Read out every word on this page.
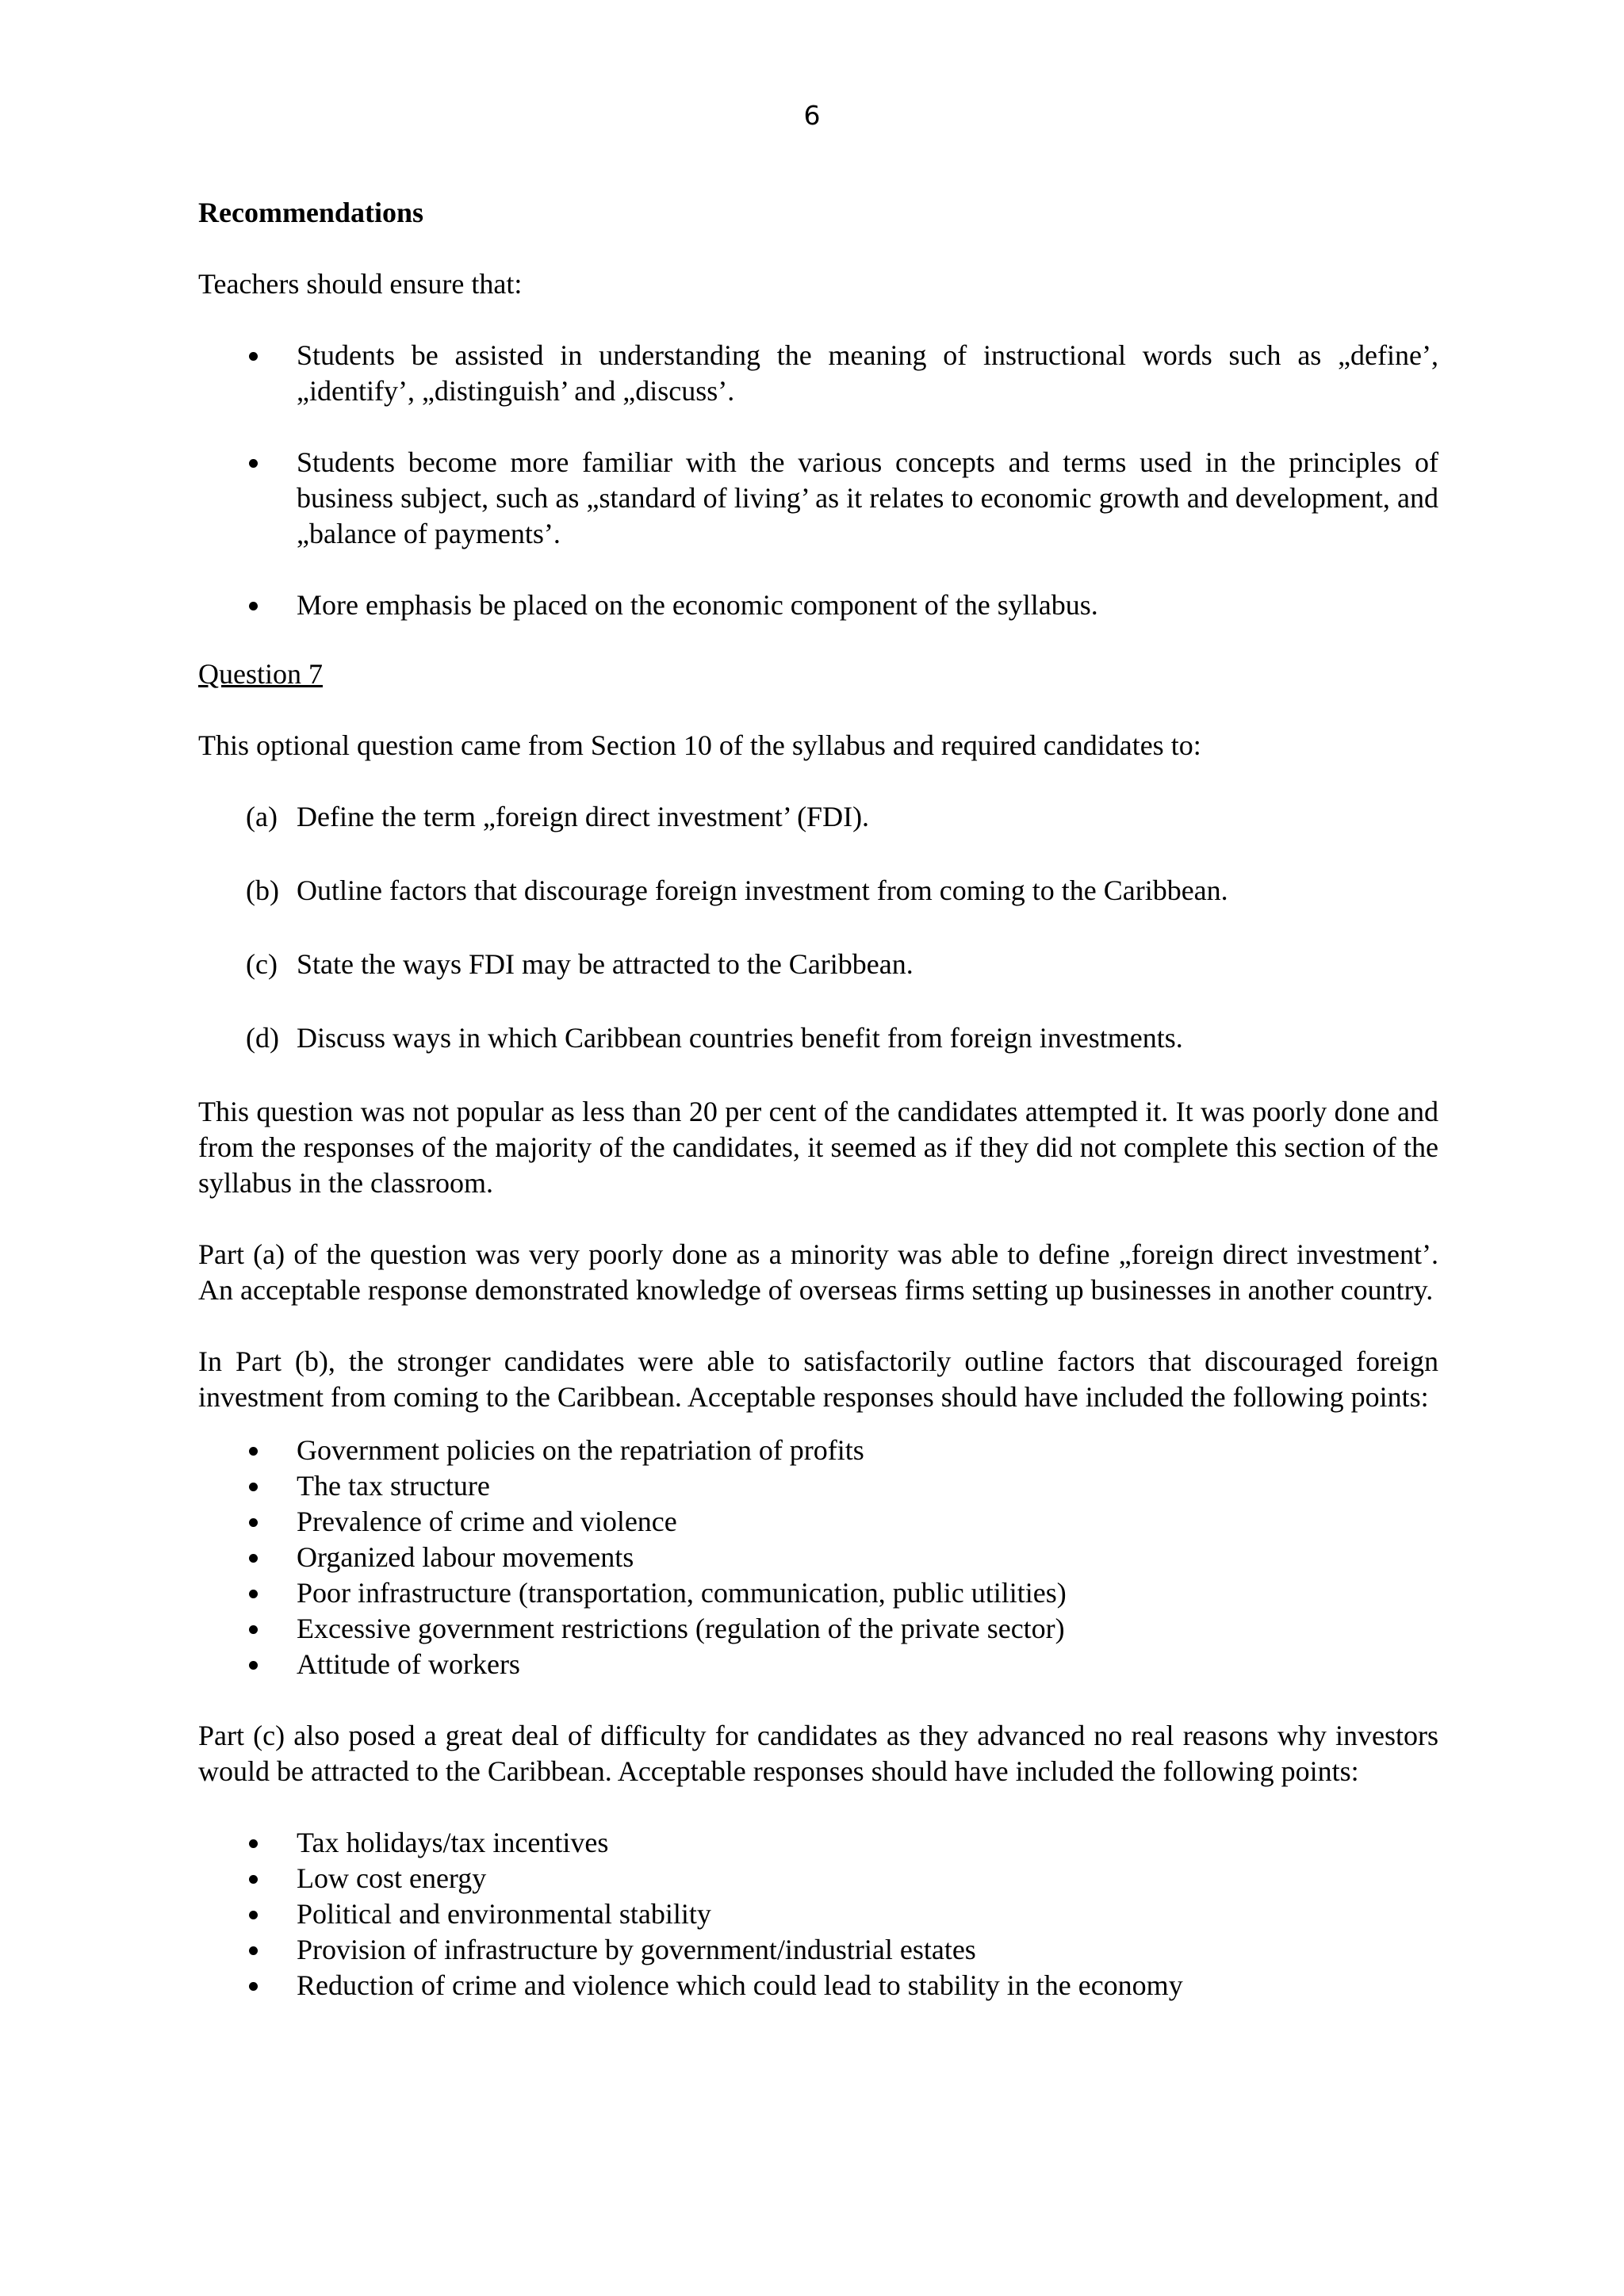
6

Recommendations

Teachers should ensure that:

Students be assisted in understanding the meaning of instructional words such as „define’, „identify’, „distinguish’ and „discuss’.
Students become more familiar with the various concepts and terms used in the principles of business subject, such as „standard of living’ as it relates to economic growth and development, and „balance of payments’.
More emphasis be placed on the economic component of the syllabus.

Question 7

This optional question came from Section 10 of the syllabus and required candidates to:

(a) Define the term „foreign direct investment’ (FDI).
(b) Outline factors that discourage foreign investment from coming to the Caribbean.
(c) State the ways FDI may be attracted to the Caribbean.
(d) Discuss ways in which Caribbean countries benefit from foreign investments.

This question was not popular as less than 20 per cent of the candidates attempted it. It was poorly done and from the responses of the majority of the candidates, it seemed as if they did not complete this section of the syllabus in the classroom.

Part (a) of the question was very poorly done as a minority was able to define „foreign direct investment’. An acceptable response demonstrated knowledge of overseas firms setting up businesses in another country.

In Part (b), the stronger candidates were able to satisfactorily outline factors that discouraged foreign investment from coming to the Caribbean. Acceptable responses should have included the following points:

Government policies on the repatriation of profits
The tax structure
Prevalence of crime and violence
Organized labour movements
Poor infrastructure (transportation, communication, public utilities)
Excessive government restrictions (regulation of the private sector)
Attitude of workers

Part (c) also posed a great deal of difficulty for candidates as they advanced no real reasons why investors would be attracted to the Caribbean. Acceptable responses should have included the following points:

Tax holidays/tax incentives
Low cost energy
Political and environmental stability
Provision of infrastructure by government/industrial estates
Reduction of crime and violence which could lead to stability in the economy
